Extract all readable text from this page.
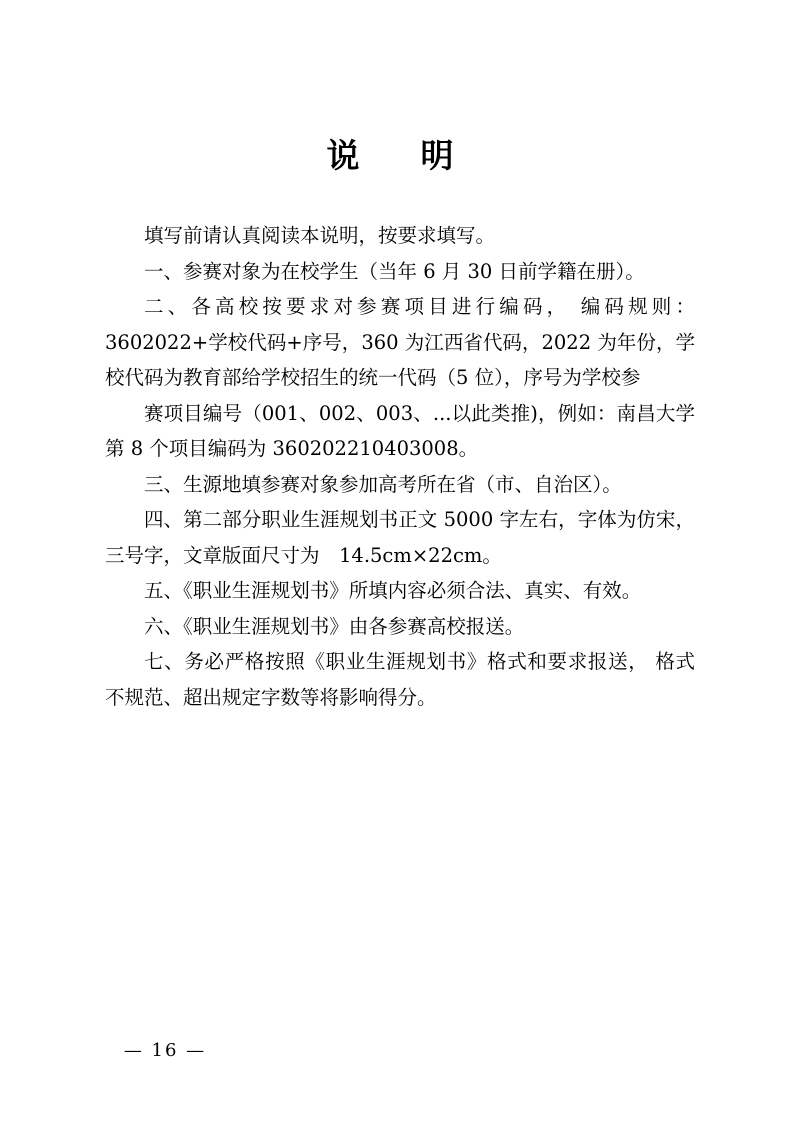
说　明

填写前请认真阅读本说明，按要求填写。

一、参赛对象为在校学生（当年 6 月 30 日前学籍在册）。

二、各高校按要求对参赛项目进行编码， 编码规则：3602022+学校代码+序号，360 为江西省代码，2022 为年份，学校代码为教育部给学校招生的统一代码（5 位），序号为学校参

赛项目编号（001、002、003、...以此类推)，例如：南昌大学第 8 个项目编码为 360202210403008。

三、生源地填参赛对象参加高考所在省（市、自治区）。

四、第二部分职业生涯规划书正文 5000 字左右，字体为仿宋，三号字，文章版面尺寸为　14.5cm×22cm。

五、《职业生涯规划书》所填内容必须合法、真实、有效。

六、《职业生涯规划书》由各参赛高校报送。

七、务必严格按照《职业生涯规划书》格式和要求报送， 格式不规范、超出规定字数等将影响得分。

— 16 —
